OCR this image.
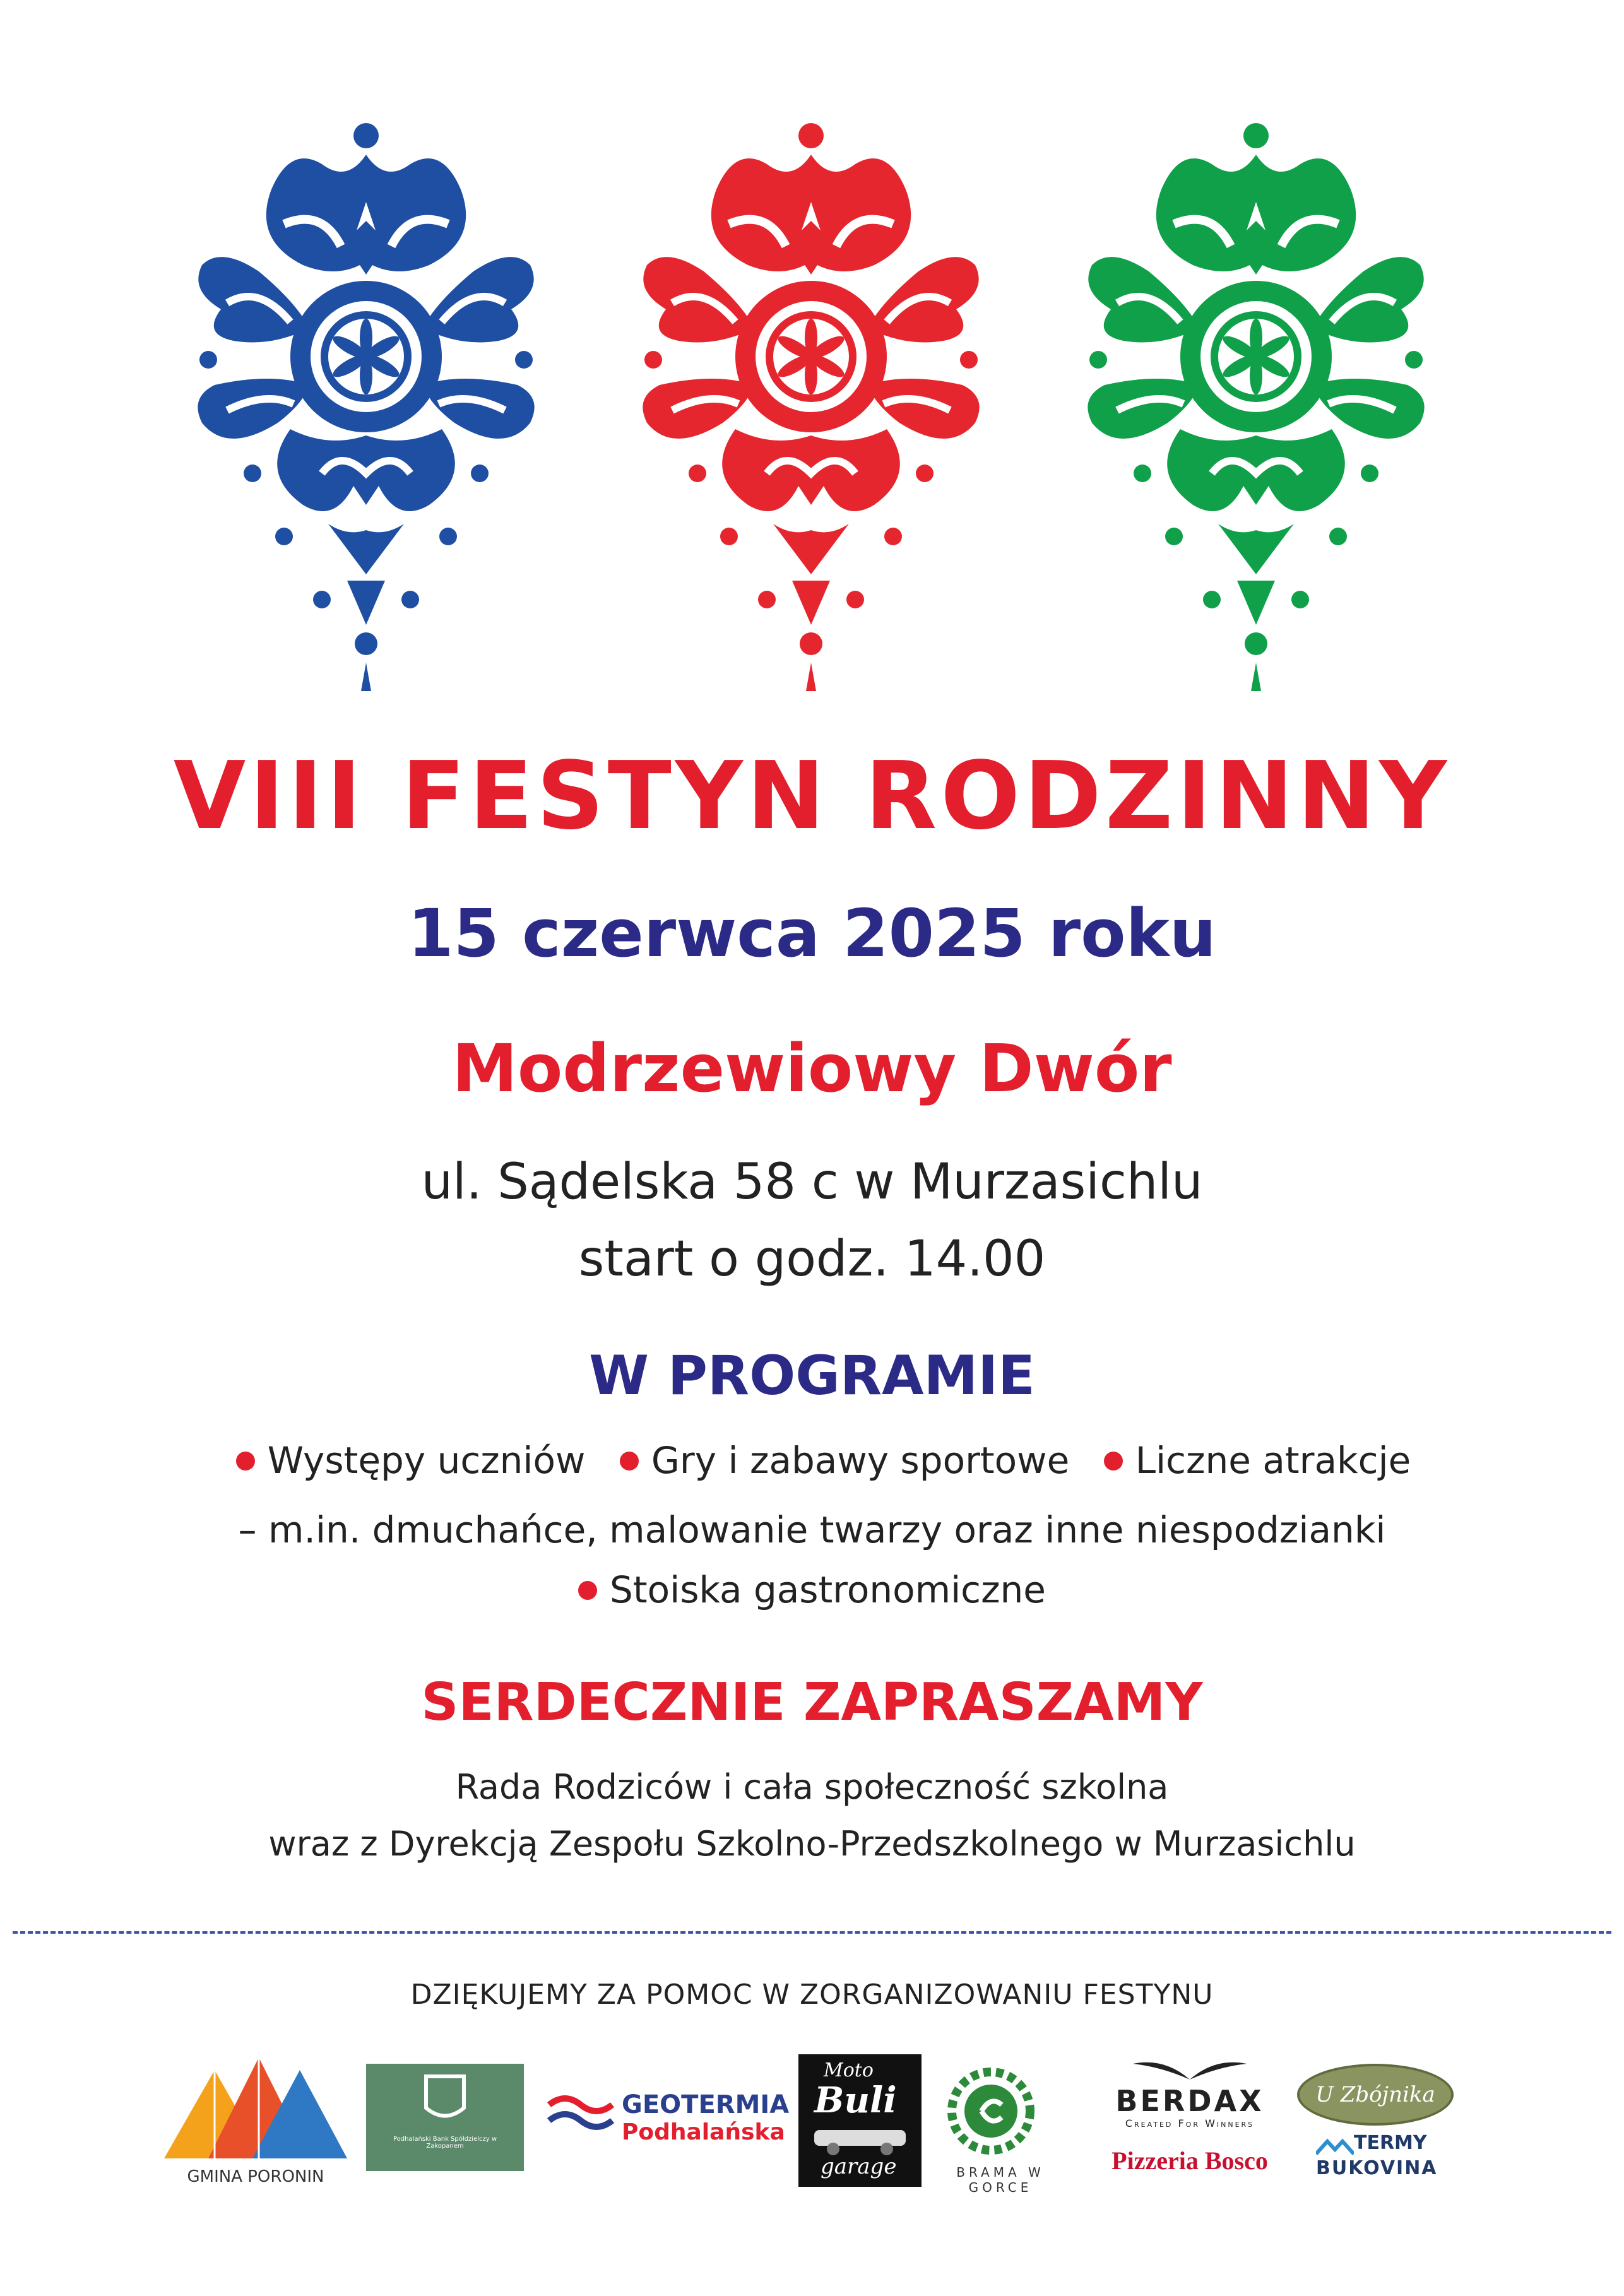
VIII FESTYN RODZINNY
15 czerwca 2025 roku
Modrzewiowy Dwór
ul. Sądelska 58 c w Murzasichlu
start o godz. 14.00
W PROGRAMIE
Występy uczniów Gry i zabawy sportowe Liczne atrakcje
– m.in. dmuchańce, malowanie twarzy oraz inne niespodzianki
Stoiska gastronomiczne
SERDECZNIE ZAPRASZAMY
Rada Rodziców i cała społeczność szkolna
wraz z Dyrekcją Zespołu Szkolno-Przedszkolnego w Murzasichlu
DZIĘKUJEMY ZA POMOC W ZORGANIZOWANIU FESTYNU
GMINA PORONIN
Podhalański Bank Spółdzielczy w Zakopanem
GEOTERMIA
Podhalańska
Moto
Buli
garage	BRAMA W GORCE
BERDAX
Created For Winners
Pizzeria Bosco
U Zbójnika
TERMY
BUKOVINA
